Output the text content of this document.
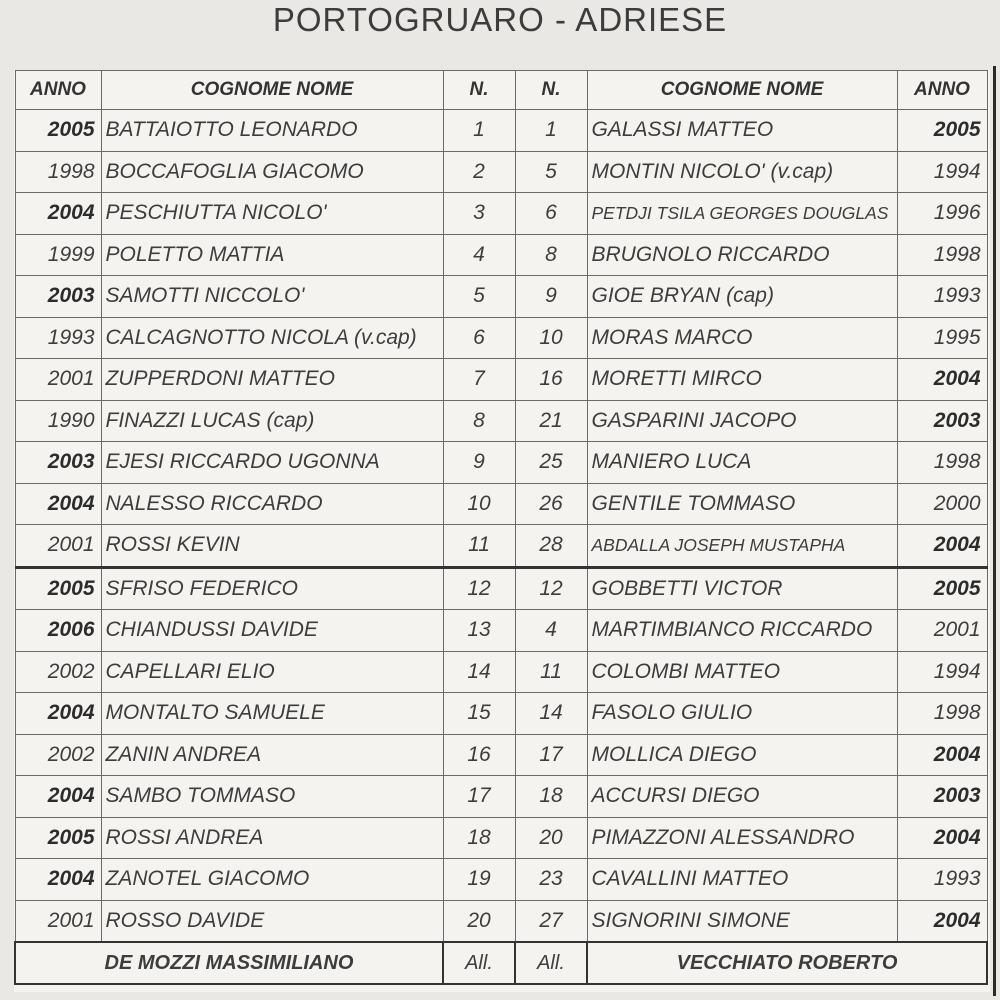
PORTOGRUARO - ADRIESE
ANNO	COGNOME NOME	N.	N.	COGNOME NOME	ANNO
2005	BATTAIOTTO LEONARDO	1	1	GALASSI MATTEO	2005
1998	BOCCAFOGLIA GIACOMO	2	5	MONTIN NICOLO' (v.cap)	1994
2004	PESCHIUTTA NICOLO'	3	6	PETDJI TSILA GEORGES DOUGLAS	1996
1999	POLETTO MATTIA	4	8	BRUGNOLO RICCARDO	1998
2003	SAMOTTI NICCOLO'	5	9	GIOE BRYAN (cap)	1993
1993	CALCAGNOTTO NICOLA (v.cap)	6	10	MORAS MARCO	1995
2001	ZUPPERDONI MATTEO	7	16	MORETTI MIRCO	2004
1990	FINAZZI LUCAS (cap)	8	21	GASPARINI JACOPO	2003
2003	EJESI RICCARDO UGONNA	9	25	MANIERO LUCA	1998
2004	NALESSO RICCARDO	10	26	GENTILE TOMMASO	2000
2001	ROSSI KEVIN	11	28	ABDALLA JOSEPH MUSTAPHA	2004
2005	SFRISO FEDERICO	12	12	GOBBETTI VICTOR	2005
2006	CHIANDUSSI DAVIDE	13	4	MARTIMBIANCO RICCARDO	2001
2002	CAPELLARI ELIO	14	11	COLOMBI MATTEO	1994
2004	MONTALTO SAMUELE	15	14	FASOLO GIULIO	1998
2002	ZANIN ANDREA	16	17	MOLLICA DIEGO	2004
2004	SAMBO TOMMASO	17	18	ACCURSI DIEGO	2003
2005	ROSSI ANDREA	18	20	PIMAZZONI ALESSANDRO	2004
2004	ZANOTEL GIACOMO	19	23	CAVALLINI MATTEO	1993
2001	ROSSO DAVIDE	20	27	SIGNORINI SIMONE	2004
DE MOZZI MASSIMILIANO		All.	All.	VECCHIATO ROBERTO	
